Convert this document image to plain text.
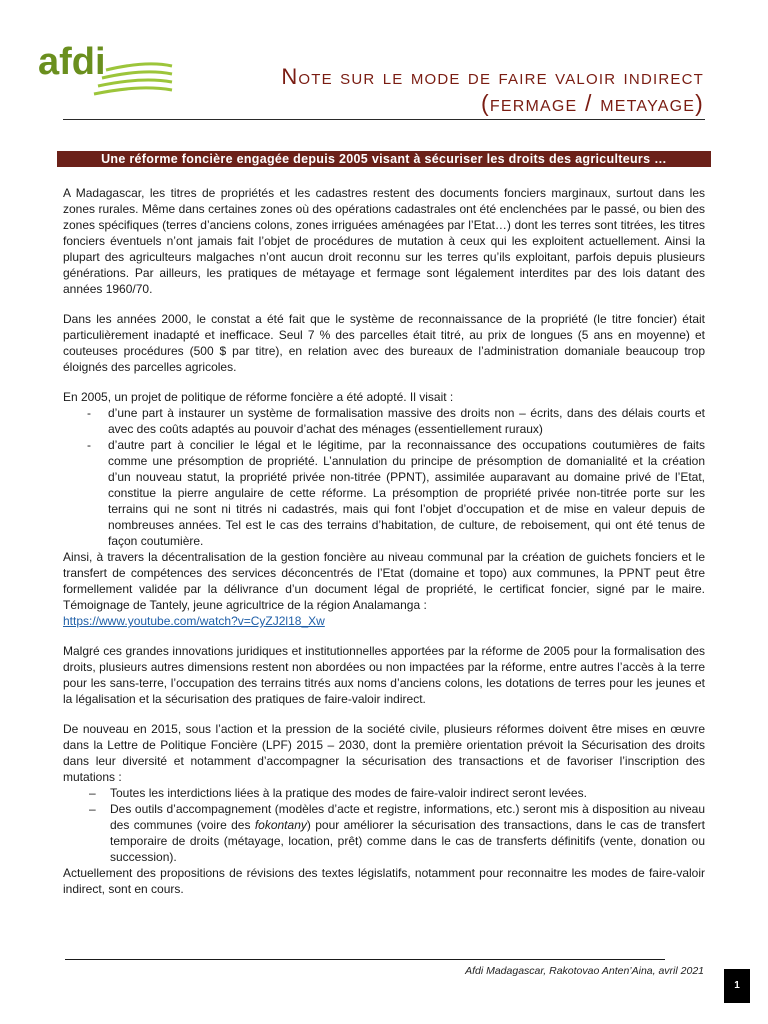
afdi	Note sur le mode de faire valoir indirect
(fermage / metayage)
Une réforme foncière engagée depuis 2005 visant à sécuriser les droits des agriculteurs …

A Madagascar, les titres de propriétés et les cadastres restent des documents fonciers marginaux, surtout dans les zones rurales. Même dans certaines zones où des opérations cadastrales ont été enclenchées par le passé, ou bien des zones spécifiques (terres d’anciens colons, zones irriguées aménagées par l’Etat…) dont les terres sont titrées, les titres fonciers éventuels n’ont jamais fait l’objet de procédures de mutation à ceux qui les exploitent actuellement. Ainsi la plupart des agriculteurs malgaches n’ont aucun droit reconnu sur les terres qu’ils exploitant, parfois depuis plusieurs générations. Par ailleurs, les pratiques de métayage et fermage sont légalement interdites par des lois datant des années 1960/70.

Dans les années 2000, le constat a été fait que le système de reconnaissance de la propriété (le titre foncier) était particulièrement inadapté et inefficace. Seul 7 % des parcelles était titré, au prix de longues (5 ans en moyenne) et couteuses procédures (500 $ par titre), en relation avec des bureaux de l’administration domaniale beaucoup trop éloignés des parcelles agricoles.

En 2005, un projet de politique de réforme foncière a été adopté. Il visait :

- d’une part à instaurer un système de formalisation massive des droits non – écrits, dans des délais courts et avec des coûts adaptés au pouvoir d’achat des ménages (essentiellement ruraux)
- d’autre part à concilier le légal et le légitime, par la reconnaissance des occupations coutumières de faits comme une présomption de propriété. L’annulation du principe de présomption de domanialité et la création d’un nouveau statut, la propriété privée non-titrée (PPNT), assimilée auparavant au domaine privé de l’Etat, constitue la pierre angulaire de cette réforme. La présomption de propriété privée non-titrée porte sur les terrains qui ne sont ni titrés ni cadastrés, mais qui font l’objet d’occupation et de mise en valeur depuis de nombreuses années. Tel est le cas des terrains d’habitation, de culture, de reboisement, qui ont été tenus de façon coutumière.

Ainsi, à travers la décentralisation de la gestion foncière au niveau communal par la création de guichets fonciers et le transfert de compétences des services déconcentrés de l’Etat (domaine et topo) aux communes, la PPNT peut être formellement validée par la délivrance d’un document légal de propriété, le certificat foncier, signé par le maire. Témoignage de Tantely, jeune agricultrice de la région Analamanga :

https://www.youtube.com/watch?v=CyZJ2l18_Xw

Malgré ces grandes innovations juridiques et institutionnelles apportées par la réforme de 2005 pour la formalisation des droits, plusieurs autres dimensions restent non abordées ou non impactées par la réforme, entre autres l’accès à la terre pour les sans-terre, l’occupation des terrains titrés aux noms d’anciens colons, les dotations de terres pour les jeunes et la légalisation et la sécurisation des pratiques de faire-valoir indirect.

De nouveau en 2015, sous l’action et la pression de la société civile, plusieurs réformes doivent être mises en œuvre dans la Lettre de Politique Foncière (LPF) 2015 – 2030, dont la première orientation prévoit la Sécurisation des droits dans leur diversité et notamment d’accompagner la sécurisation des transactions et de favoriser l’inscription des mutations :

– Toutes les interdictions liées à la pratique des modes de faire-valoir indirect seront levées.
– Des outils d’accompagnement (modèles d’acte et registre, informations, etc.) seront mis à disposition au niveau des communes (voire des fokontany) pour améliorer la sécurisation des transactions, dans le cas de transfert temporaire de droits (métayage, location, prêt) comme dans le cas de transferts définitifs (vente, donation ou succession).

Actuellement des propositions de révisions des textes législatifs, notamment pour reconnaitre les modes de faire-valoir indirect, sont en cours.

Afdi Madagascar, Rakotovao Anten’Aina, avril 2021
1
